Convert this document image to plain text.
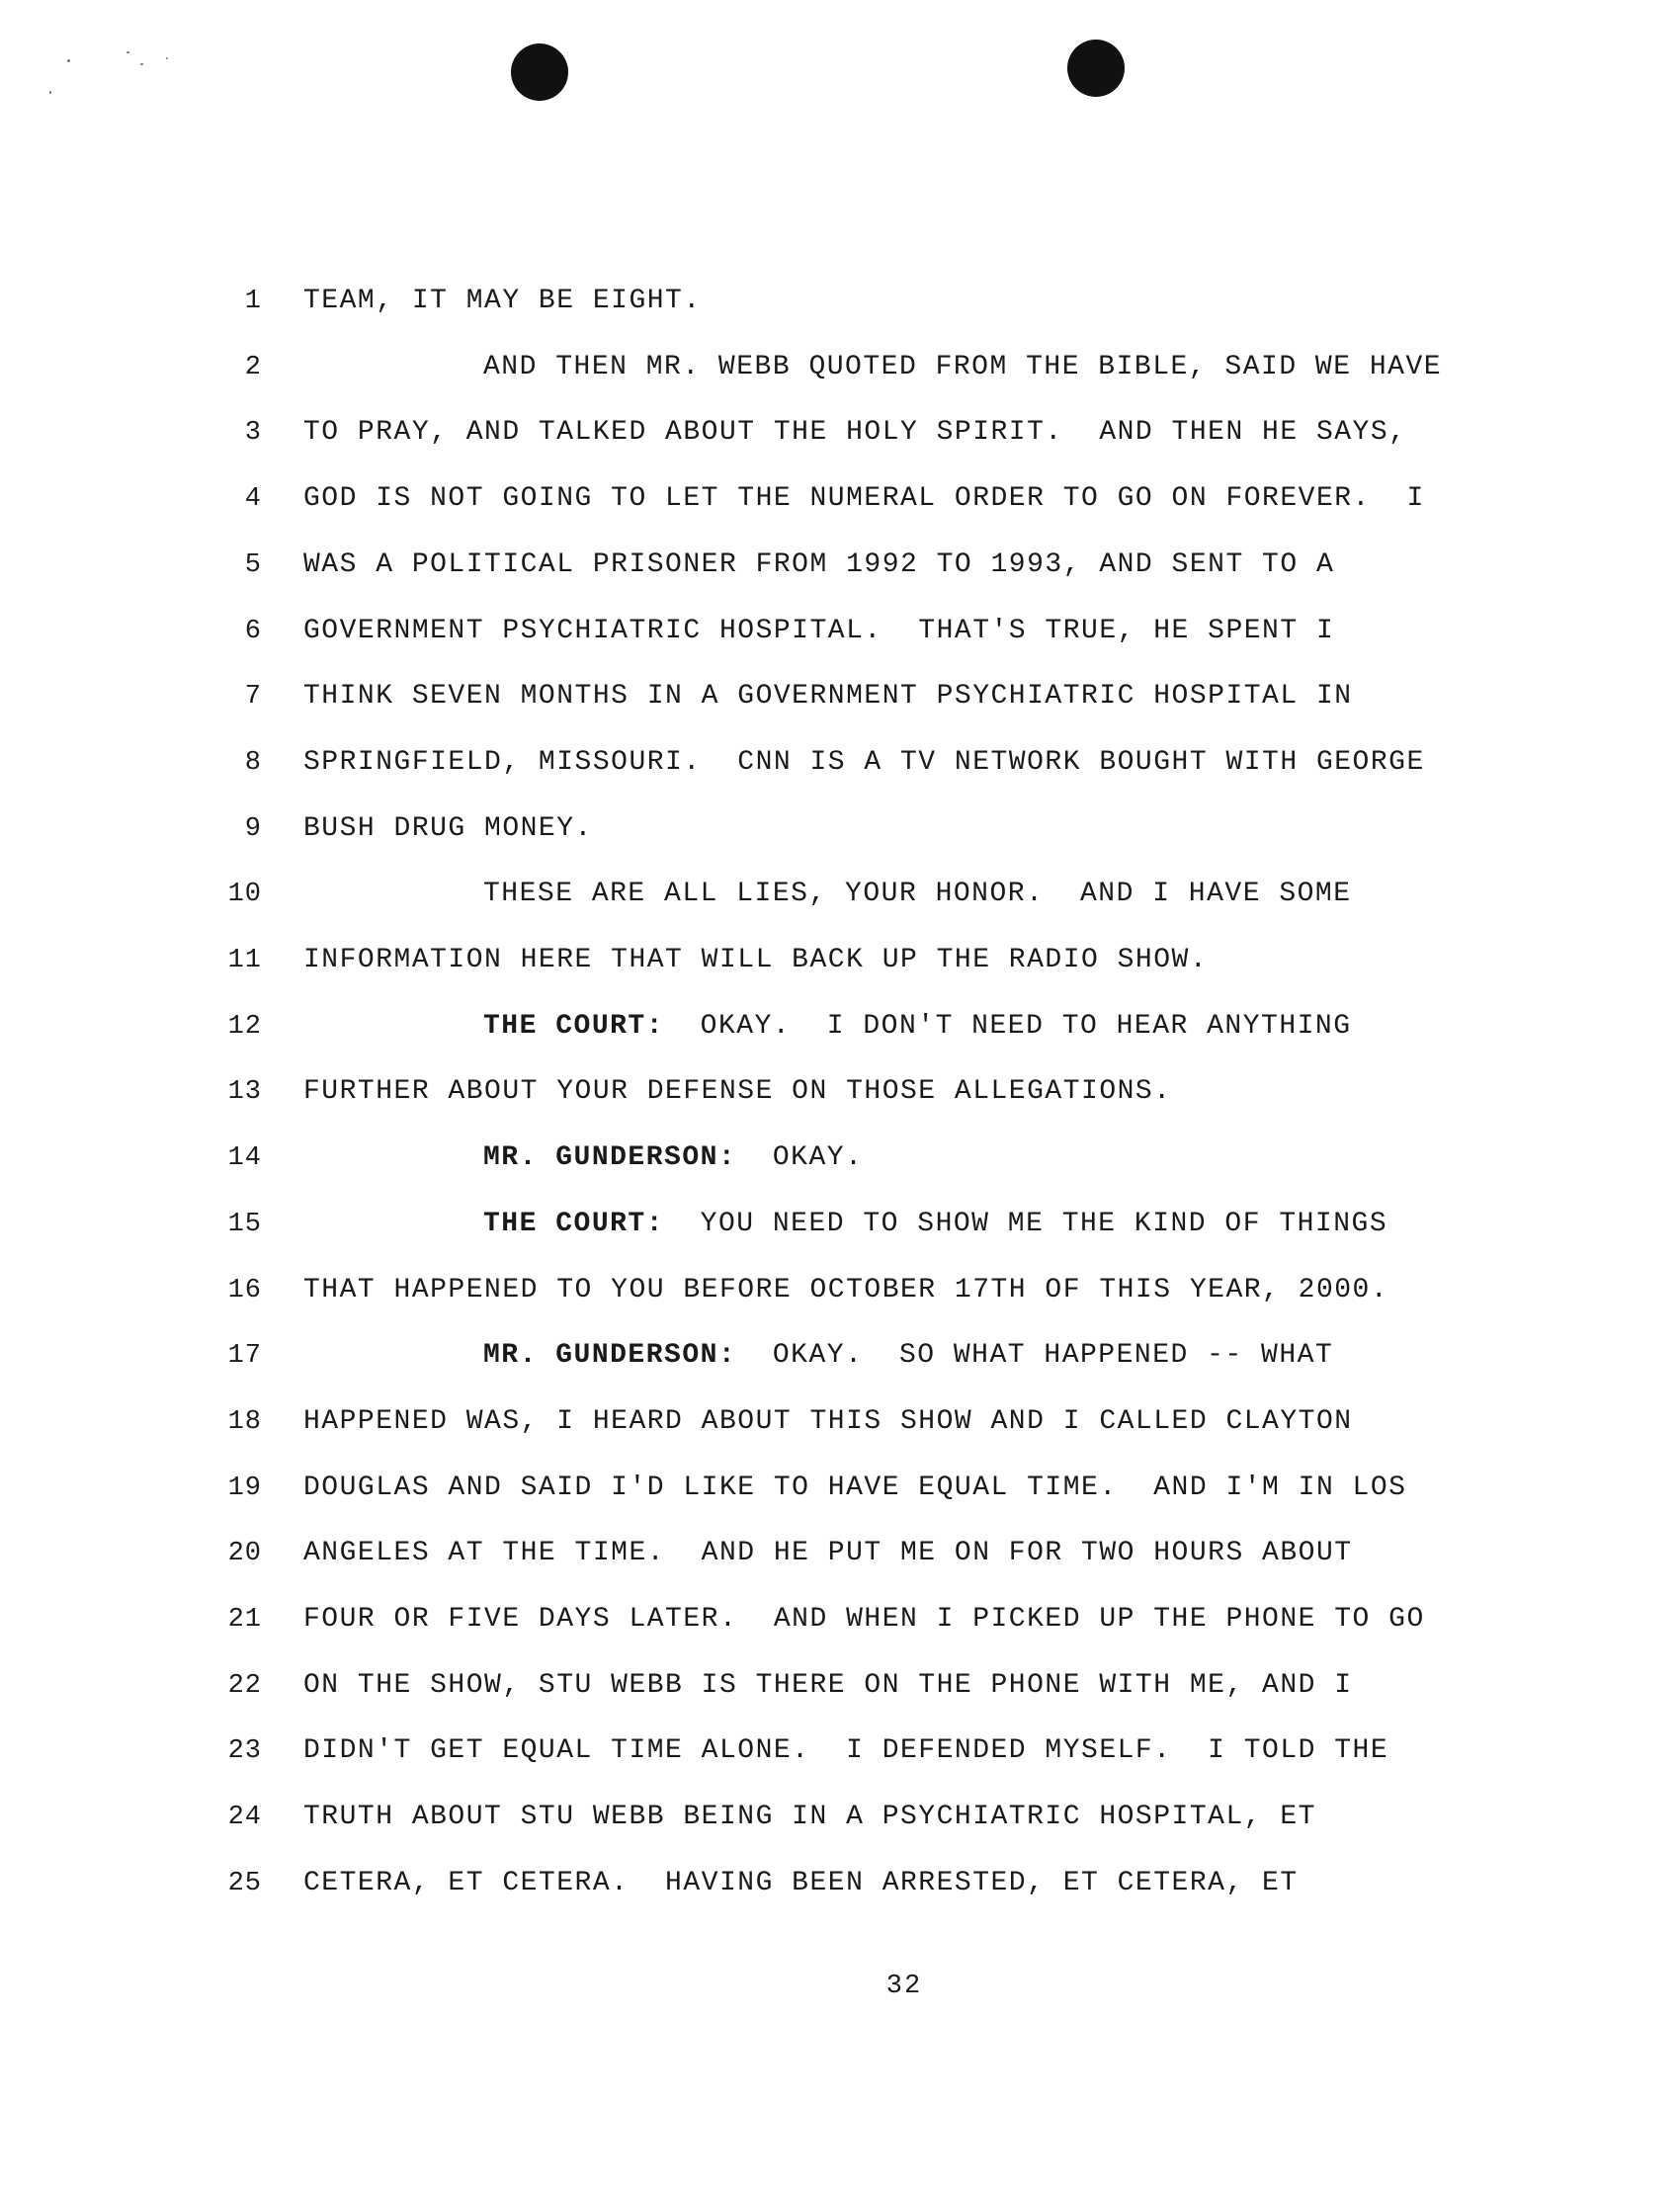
1 TEAM, IT MAY BE EIGHT.
2	AND THEN MR. WEBB QUOTED FROM THE BIBLE, SAID WE HAVE
3 TO PRAY, AND TALKED ABOUT THE HOLY SPIRIT.  AND THEN HE SAYS,
4 GOD IS NOT GOING TO LET THE NUMERAL ORDER TO GO ON FOREVER.  I
5 WAS A POLITICAL PRISONER FROM 1992 TO 1993, AND SENT TO A
6 GOVERNMENT PSYCHIATRIC HOSPITAL.  THAT'S TRUE, HE SPENT I
7 THINK SEVEN MONTHS IN A GOVERNMENT PSYCHIATRIC HOSPITAL IN
8 SPRINGFIELD, MISSOURI.  CNN IS A TV NETWORK BOUGHT WITH GEORGE
9 BUSH DRUG MONEY.
10	THESE ARE ALL LIES, YOUR HONOR.  AND I HAVE SOME
11 INFORMATION HERE THAT WILL BACK UP THE RADIO SHOW.
12	THE COURT:  OKAY.  I DON'T NEED TO HEAR ANYTHING
13 FURTHER ABOUT YOUR DEFENSE ON THOSE ALLEGATIONS.
14	MR. GUNDERSON:  OKAY.
15	THE COURT:  YOU NEED TO SHOW ME THE KIND OF THINGS
16 THAT HAPPENED TO YOU BEFORE OCTOBER 17TH OF THIS YEAR, 2000.
17	MR. GUNDERSON:  OKAY.  SO WHAT HAPPENED -- WHAT
18 HAPPENED WAS, I HEARD ABOUT THIS SHOW AND I CALLED CLAYTON
19 DOUGLAS AND SAID I'D LIKE TO HAVE EQUAL TIME.  AND I'M IN LOS
20 ANGELES AT THE TIME.  AND HE PUT ME ON FOR TWO HOURS ABOUT
21 FOUR OR FIVE DAYS LATER.  AND WHEN I PICKED UP THE PHONE TO GO
22 ON THE SHOW, STU WEBB IS THERE ON THE PHONE WITH ME, AND I
23 DIDN'T GET EQUAL TIME ALONE.  I DEFENDED MYSELF.  I TOLD THE
24 TRUTH ABOUT STU WEBB BEING IN A PSYCHIATRIC HOSPITAL, ET
25 CETERA, ET CETERA.  HAVING BEEN ARRESTED, ET CETERA, ET
32
